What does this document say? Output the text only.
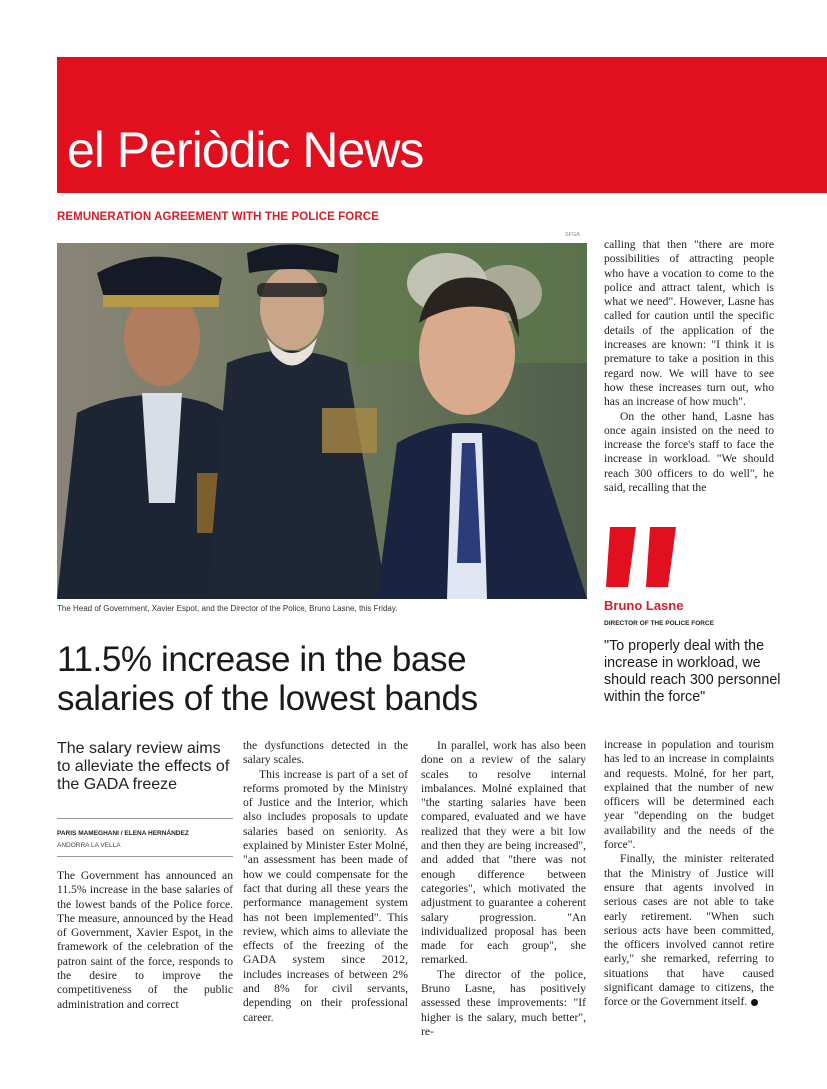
el Periòdic News
REMUNERATION AGREEMENT WITH THE POLICE FORCE
SFGA
The Head of Government, Xavier Espot, and the Director of the Police, Bruno Lasne, this Friday.
11.5% increase in the base salaries of the lowest bands
The salary review aims to alleviate the effects of the GADA freeze
PARIS MAMEGHANI / ELENA HERNÁNDEZ
ANDORRA LA VELLA

The Government has announced an 11.5% increase in the base salaries of the lowest bands of the Police force. The measure, announced by the Head of Government, Xavier Espot, in the framework of the celebration of the patron saint of the force, responds to the desire to improve the competitiveness of the public administration and correct

the dysfunctions detected in the salary scales.

This increase is part of a set of reforms promoted by the Ministry of Justice and the Interior, which also includes proposals to update salaries based on seniority. As explained by Minister Ester Molné, "an assessment has been made of how we could compensate for the fact that during all these years the performance management system has not been implemented". This review, which aims to alleviate the effects of the freezing of the GADA system since 2012, includes increases of between 2% and 8% for civil servants, depending on their professional career.

In parallel, work has also been done on a review of the salary scales to resolve internal imbalances. Molné explained that "the starting salaries have been compared, evaluated and we have realized that they were a bit low and then they are being increased", and added that "there was not enough difference between categories", which motivated the adjustment to guarantee a coherent salary progression. "An individualized proposal has been made for each group", she remarked.

The director of the police, Bruno Lasne, has positively assessed these improvements: "If higher is the salary, much better", re-

calling that then "there are more possibilities of attracting people who have a vocation to come to the police and attract talent, which is what we need". However, Lasne has called for caution until the specific details of the application of the increases are known: "I think it is premature to take a position in this regard now. We will have to see how these increases turn out, who has an increase of how much".

On the other hand, Lasne has once again insisted on the need to increase the force's staff to face the increase in workload. "We should reach 300 officers to do well", he said, recalling that the

Bruno Lasne
DIRECTOR OF THE POLICE FORCE
"To properly deal with the increase in workload, we should reach 300 personnel within the force"

increase in population and tourism has led to an increase in complaints and requests. Molné, for her part, explained that the number of new officers will be determined each year "depending on the budget availability and the needs of the force".

Finally, the minister reiterated that the Ministry of Justice will ensure that agents involved in serious cases are not able to take early retirement. "When such serious acts have been committed, the officers involved cannot retire early," she remarked, referring to situations that have caused significant damage to citizens, the force or the Government itself.
